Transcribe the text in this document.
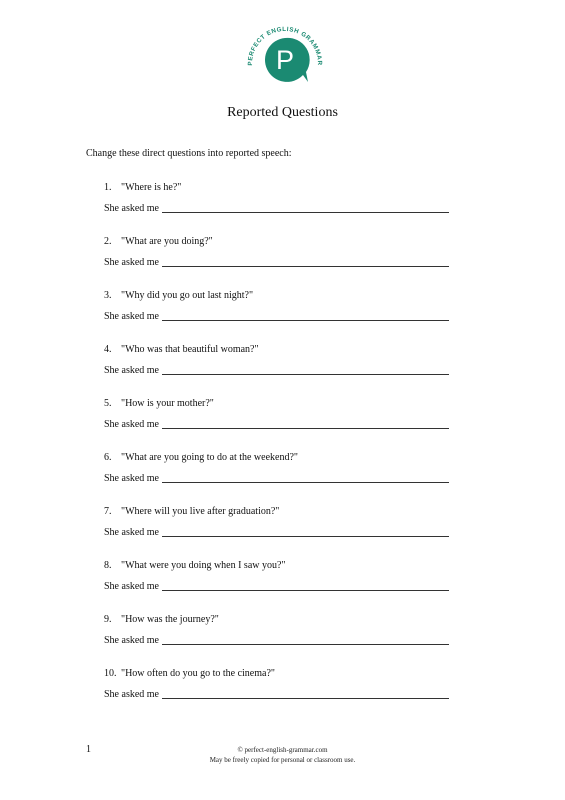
PERFECT ENGLISH GRAMMAR
P
Reported Questions
Change these direct questions into reported speech:
1. "Where is he?"
She asked me
2. "What are you doing?"
She asked me
3. "Why did you go out last night?"
She asked me
4. "Who was that beautiful woman?"
She asked me
5. "How is your mother?"
She asked me
6. "What are you going to do at the weekend?"
She asked me
7. "Where will you live after graduation?"
She asked me
8. "What were you doing when I saw you?"
She asked me
9. "How was the journey?"
She asked me
10. "How often do you go to the cinema?"
She asked me
1	© perfect-english-grammar.com
May be freely copied for personal or classroom use.
